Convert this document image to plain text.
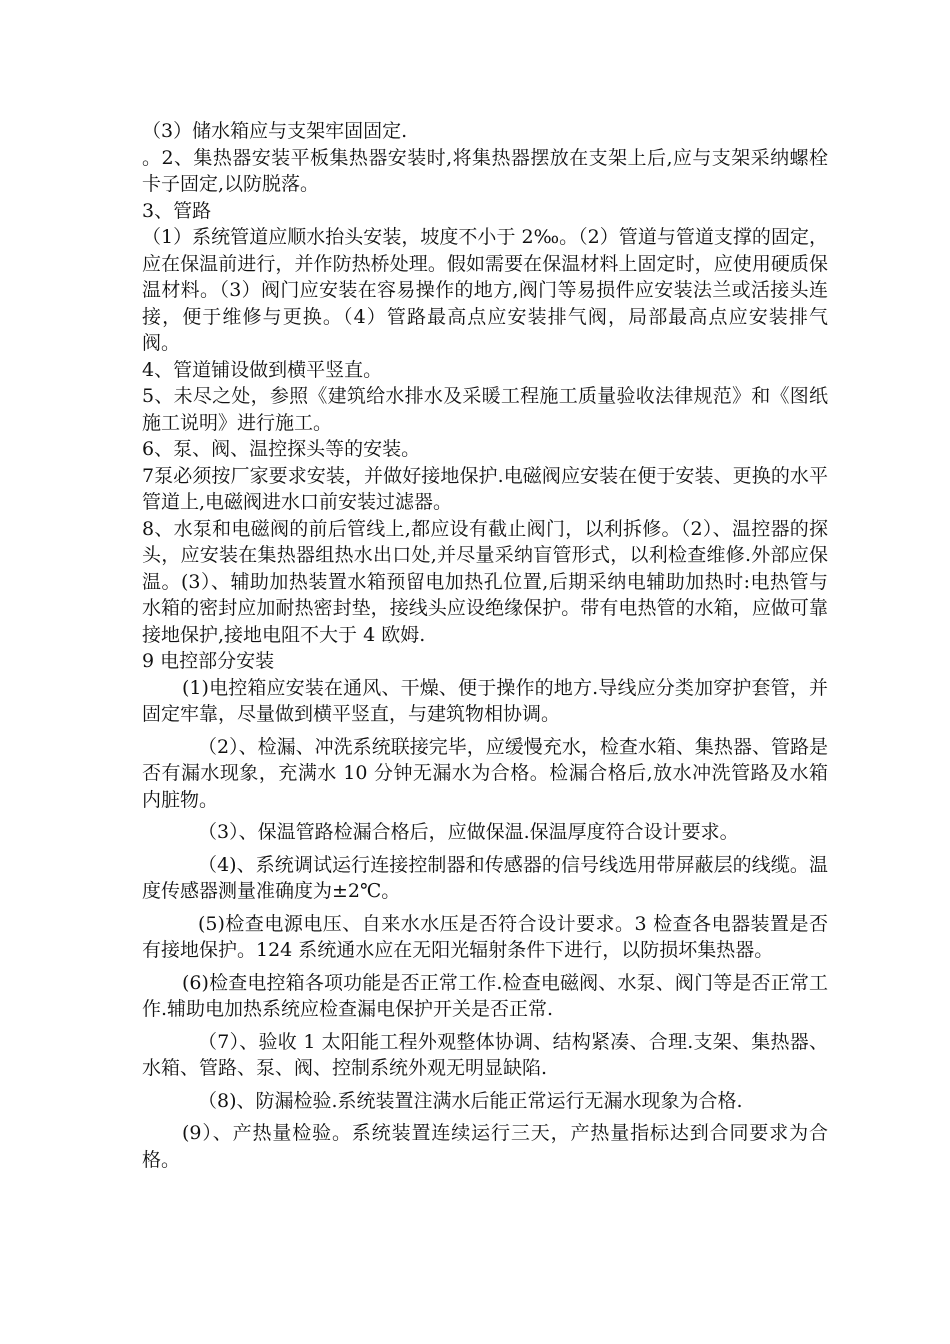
（3）储水箱应与支架牢固固定.

。2、集热器安装平板集热器安装时,将集热器摆放在支架上后,应与支架采纳螺栓卡子固定,以防脱落。

3、管路

（1）系统管道应顺水抬头安装，坡度不小于 2‰。（2）管道与管道支撑的固定，应在保温前进行，并作防热桥处理。假如需要在保温材料上固定时，应使用硬质保温材料。（3）阀门应安装在容易操作的地方,阀门等易损件应安装法兰或活接头连接，便于维修与更换。（4）管路最高点应安装排气阀，局部最高点应安装排气阀。

4、管道铺设做到横平竖直。

5、未尽之处，参照《建筑给水排水及采暖工程施工质量验收法律规范》和《图纸施工说明》进行施工。

6、泵、阀、温控探头等的安装。

7泵必须按厂家要求安装，并做好接地保护.电磁阀应安装在便于安装、更换的水平管道上,电磁阀进水口前安装过滤器。

8、水泵和电磁阀的前后管线上,都应设有截止阀门，以利拆修。（2）、温控器的探头，应安装在集热器组热水出口处,并尽量采纳盲管形式，以利检查维修.外部应保温。(3）、辅助加热装置水箱预留电加热孔位置,后期采纳电辅助加热时:电热管与水箱的密封应加耐热密封垫，接线头应设绝缘保护。带有电热管的水箱，应做可靠接地保护,接地电阻不大于 4 欧姆.

9 电控部分安装

(1)电控箱应安装在通风、干燥、便于操作的地方.导线应分类加穿护套管，并固定牢靠，尽量做到横平竖直，与建筑物相协调。

（2）、检漏、冲洗系统联接完毕，应缓慢充水，检查水箱、集热器、管路是否有漏水现象，充满水 10 分钟无漏水为合格。检漏合格后,放水冲洗管路及水箱内脏物。

（3）、保温管路检漏合格后，应做保温.保温厚度符合设计要求。

（4)、系统调试运行连接控制器和传感器的信号线选用带屏蔽层的线缆。温度传感器测量准确度为±2℃。

(5)检查电源电压、自来水水压是否符合设计要求。3 检查各电器装置是否有接地保护。124 系统通水应在无阳光辐射条件下进行，以防损坏集热器。

(6)检查电控箱各项功能是否正常工作.检查电磁阀、水泵、阀门等是否正常工作.辅助电加热系统应检查漏电保护开关是否正常.

（7）、验收 1 太阳能工程外观整体协调、结构紧凑、合理.支架、集热器、水箱、管路、泵、阀、控制系统外观无明显缺陷.

（8)、防漏检验.系统装置注满水后能正常运行无漏水现象为合格.

(9）、产热量检验。系统装置连续运行三天，产热量指标达到合同要求为合格。
